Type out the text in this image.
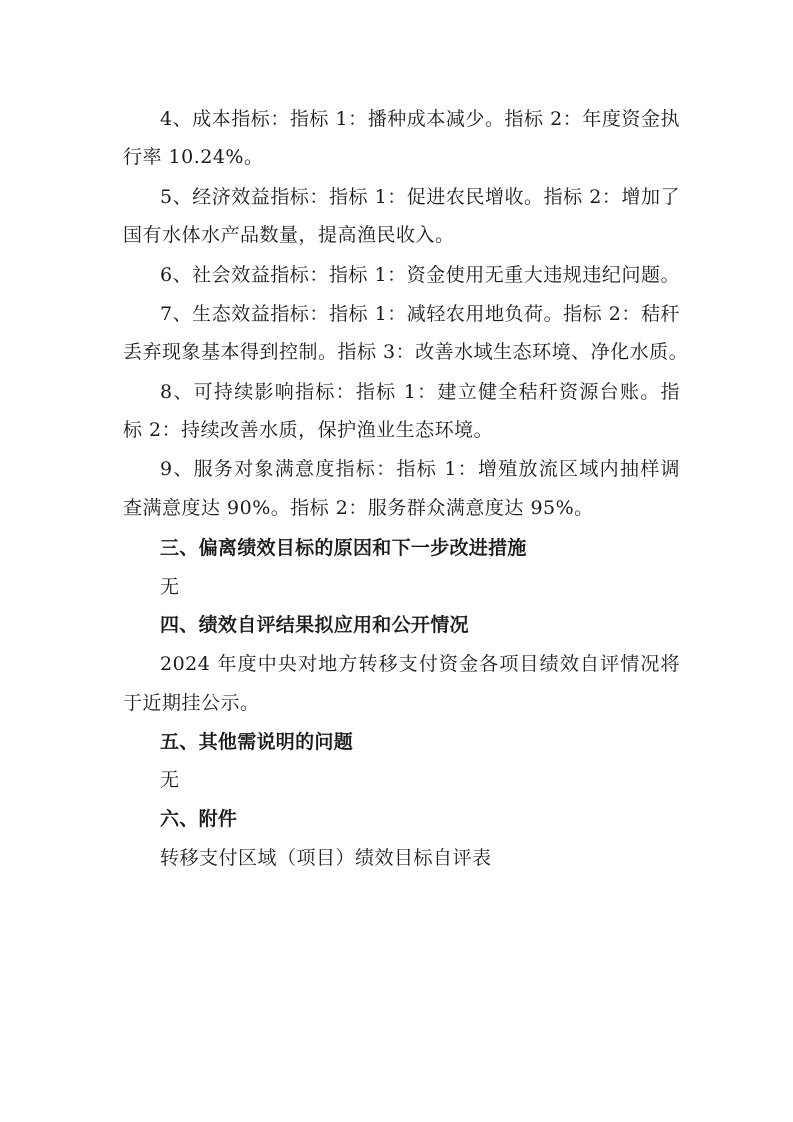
4、成本指标：指标 1：播种成本减少。指标 2：年度资金执
行率 10.24%。
5、经济效益指标：指标 1：促进农民增收。指标 2：增加了
国有水体水产品数量，提高渔民收入。
6、社会效益指标：指标 1：资金使用无重大违规违纪问题。
7、生态效益指标：指标 1：减轻农用地负荷。指标 2：秸秆
丢弃现象基本得到控制。指标 3：改善水域生态环境、净化水质。
8、可持续影响指标：指标 1：建立健全秸秆资源台账。指
标 2：持续改善水质，保护渔业生态环境。
9、服务对象满意度指标：指标 1：增殖放流区域内抽样调
查满意度达 90%。指标 2：服务群众满意度达 95%。
三、偏离绩效目标的原因和下一步改进措施
无
四、绩效自评结果拟应用和公开情况
2024 年度中央对地方转移支付资金各项目绩效自评情况将
于近期挂公示。
五、其他需说明的问题
无
六、附件
转移支付区域（项目）绩效目标自评表
